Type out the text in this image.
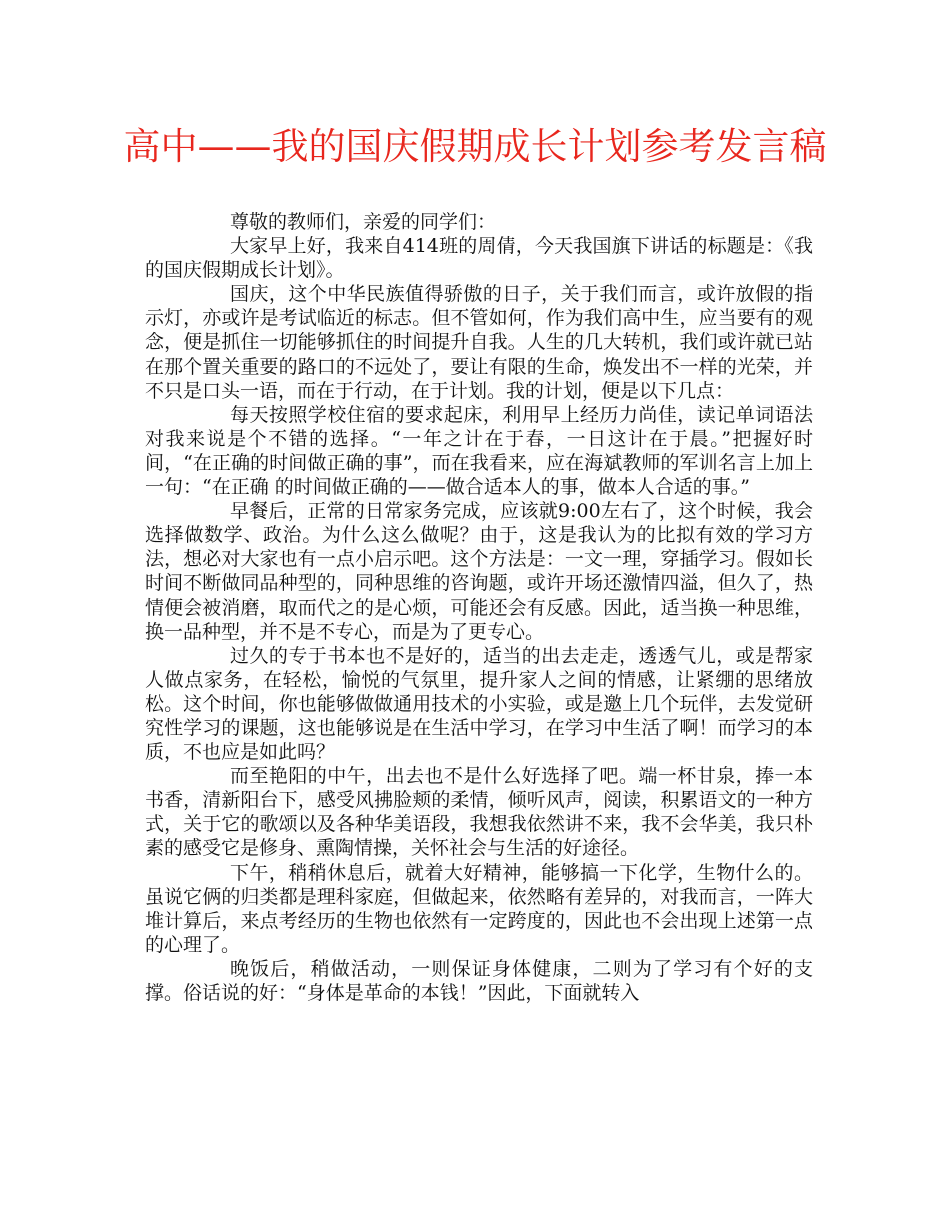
高中——我的国庆假期成长计划参考发言稿

尊敬的教师们，亲爱的同学们：

大家早上好，我来自414班的周倩，今天我国旗下讲话的标题是：《我的国庆假期成长计划》。

国庆，这个中华民族值得骄傲的日子，关于我们而言，或许放假的指示灯，亦或许是考试临近的标志。但不管如何，作为我们高中生，应当要有的观念，便是抓住一切能够抓住的时间提升自我。人生的几大转机，我们或许就已站在那个置关重要的路口的不远处了，要让有限的生命，焕发出不一样的光荣，并不只是口头一语，而在于行动，在于计划。我的计划，便是以下几点：

每天按照学校住宿的要求起床，利用早上经历力尚佳，读记单词语法对我来说是个不错的选择。“一年之计在于春，一日这计在于晨。”把握好时间，“在正确的时间做正确的事”，而在我看来，应在海斌教师的军训名言上加上一句：“在正确 的时间做正确的——做合适本人的事，做本人合适的事。”

早餐后，正常的日常家务完成，应该就9:00左右了，这个时候，我会选择做数学、政治。为什么这么做呢？由于，这是我认为的比拟有效的学习方法，想必对大家也有一点小启示吧。这个方法是：一文一理，穿插学习。假如长时间不断做同品种型的，同种思维的咨询题，或许开场还激情四溢，但久了，热情便会被消磨，取而代之的是心烦，可能还会有反感。因此，适当换一种思维，换一品种型，并不是不专心，而是为了更专心。

过久的专于书本也不是好的，适当的出去走走，透透气儿，或是帮家人做点家务，在轻松，愉悦的气氛里，提升家人之间的情感，让紧绷的思绪放松。这个时间，你也能够做做通用技术的小实验，或是邀上几个玩伴，去发觉研究性学习的课题，这也能够说是在生活中学习，在学习中生活了啊！而学习的本质，不也应是如此吗？

而至艳阳的中午，出去也不是什么好选择了吧。端一杯甘泉，捧一本书香，清新阳台下，感受风拂脸颊的柔情，倾听风声，阅读，积累语文的一种方式，关于它的歌颂以及各种华美语段，我想我依然讲不来，我不会华美，我只朴素的感受它是修身、熏陶情操，关怀社会与生活的好途径。

下午，稍稍休息后，就着大好精神，能够搞一下化学，生物什么的。虽说它俩的归类都是理科家庭，但做起来，依然略有差异的，对我而言，一阵大堆计算后，来点考经历的生物也依然有一定跨度的，因此也不会出现上述第一点的心理了。

晚饭后，稍做活动，一则保证身体健康，二则为了学习有个好的支撑。俗话说的好：“身体是革命的本钱！”因此，下面就转入
